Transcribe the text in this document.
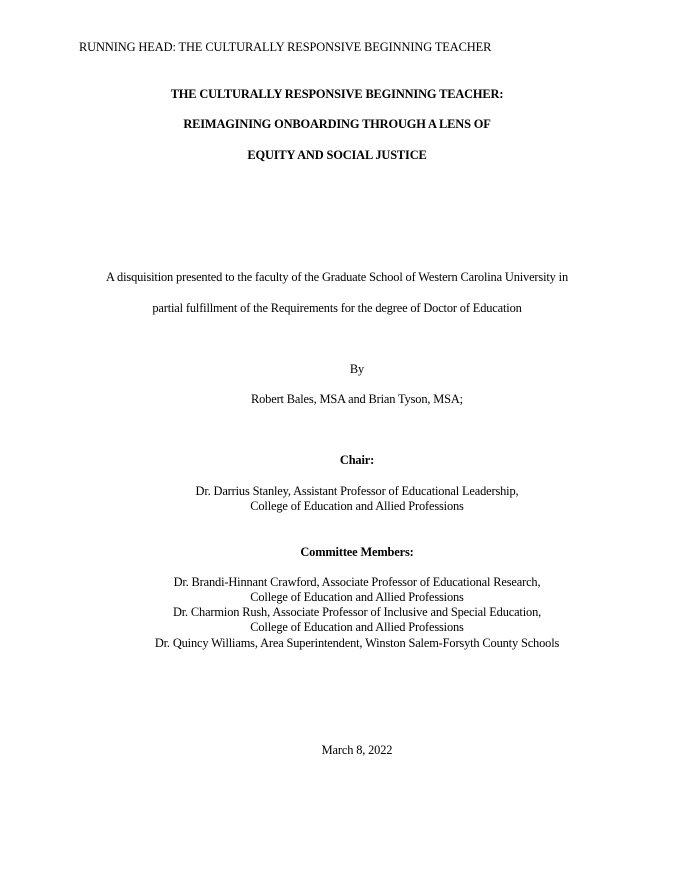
RUNNING HEAD: THE CULTURALLY RESPONSIVE BEGINNING TEACHER
THE CULTURALLY RESPONSIVE BEGINNING TEACHER:
REIMAGINING ONBOARDING THROUGH A LENS OF
EQUITY AND SOCIAL JUSTICE
A disquisition presented to the faculty of the Graduate School of Western Carolina University in
partial fulfillment of the Requirements for the degree of Doctor of Education
By
Robert Bales, MSA and Brian Tyson, MSA;
Chair:
Dr. Darrius Stanley, Assistant Professor of Educational Leadership,
College of Education and Allied Professions
Committee Members:
Dr. Brandi-Hinnant Crawford, Associate Professor of Educational Research,
College of Education and Allied Professions
Dr. Charmion Rush, Associate Professor of Inclusive and Special Education,
College of Education and Allied Professions
Dr. Quincy Williams, Area Superintendent, Winston Salem-Forsyth County Schools
March 8, 2022
